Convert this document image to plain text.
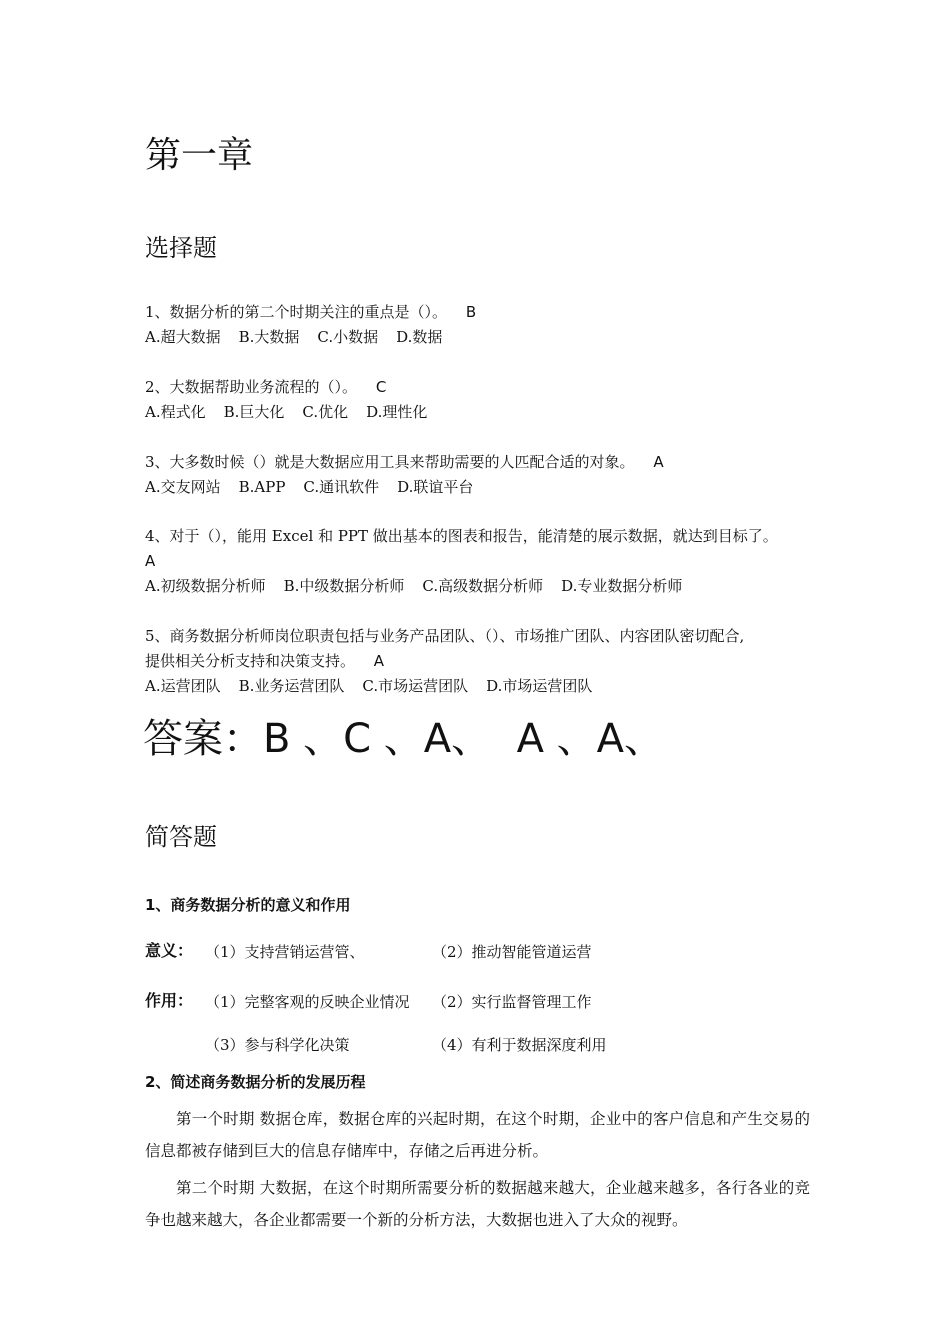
第一章
选择题
1、数据分析的第二个时期关注的重点是（）。 B
A.超大数据 B.大数据 C.小数据 D.数据
2、大数据帮助业务流程的（）。 C
A.程式化 B.巨大化 C.优化 D.理性化
3、大多数时候（）就是大数据应用工具来帮助需要的人匹配合适的对象。 A
A.交友网站 B.APP C.通讯软件 D.联谊平台
4、对于（），能用 Excel 和 PPT 做出基本的图表和报告，能清楚的展示数据，就达到目标了。
A
A.初级数据分析师 B.中级数据分析师 C.高级数据分析师 D.专业数据分析师
5、商务数据分析师岗位职责包括与业务产品团队、（）、市场推广团队、内容团队密切配合,
提供相关分析支持和决策支持。 A
A.运营团队 B.业务运营团队 C.市场运营团队 D.市场运营团队
答案：B 、C 、A、  A 、A、
简答题
1、商务数据分析的意义和作用
意义： （1）支持营销运营管、	（2）推动智能管道运营
作用： （1）完整客观的反映企业情况 （2）实行监督管理工作
（3）参与科学化决策	（4）有利于数据深度利用
2、简述商务数据分析的发展历程
第一个时期 数据仓库，数据仓库的兴起时期，在这个时期，企业中的客户信息和产生交易的信息都被存储到巨大的信息存储库中，存储之后再进分析。
第二个时期 大数据，在这个时期所需要分析的数据越来越大，企业越来越多，各行各业的竞争也越来越大，各企业都需要一个新的分析方法，大数据也进入了大众的视野。
